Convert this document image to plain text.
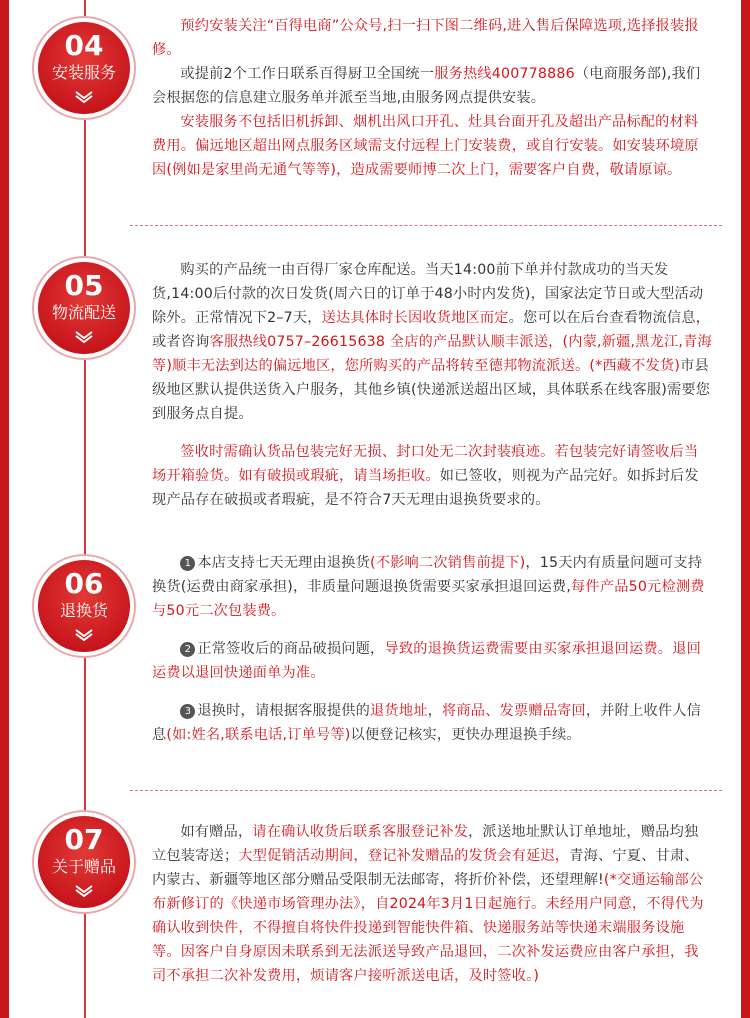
04
安装服务

预约安装关注“百得电商”公众号,扫一扫下图二维码,进入售后保障选项,选择报装报修。

或提前2个工作日联系百得厨卫全国统一服务热线400778886（电商服务部),我们会根据您的信息建立服务单并派至当地,由服务网点提供安装。

安装服务不包括旧机拆卸、烟机出风口开孔、灶具台面开孔及超出产品标配的材料费用。偏远地区超出网点服务区域需支付远程上门安装费，或自行安装。如安装环境原因(例如是家里尚无通气等等)，造成需要师博二次上门，需要客户自费，敬请原谅。

05
物流配送

购买的产品统一由百得厂家仓库配送。当天14:00前下单并付款成功的当天发货,14:00后付款的次日发货(周六日的订单于48小时内发货)，国家法定节日或大型活动除外。正常情况下2–7天，送达具体时长因收货地区而定。您可以在后台查看物流信息，或者咨询客服热线0757–26615638 全店的产品默认顺丰派送，(内蒙,新疆,黑龙江,青海等)顺丰无法到达的偏远地区，您所购买的产品将转至德邦物流派送。(*西藏不发货)市县级地区默认提供送货入户服务，其他乡镇(快递派送超出区域，具体联系在线客服)需要您到服务点自提。

签收时需确认货品包装完好无损、封口处无二次封装痕迹。若包装完好请签收后当场开箱验货。如有破损或瑕疵，请当场拒收。如已签收，则视为产品完好。如拆封后发现产品存在破损或者瑕疵，是不符合7天无理由退换货要求的。

06
退换货

1 本店支持七天无理由退换货(不影响二次销售前提下)，15天内有质量问题可支持换货(运费由商家承担)，非质量问题退换货需要买家承担退回运费,每件产品50元检测费与50元二次包装费。

2 正常签收后的商品破损问题，导致的退换货运费需要由买家承担退回运费。退回运费以退回快递面单为准。

3 退换时，请根据客服提供的退货地址，将商品、发票赠品寄回，并附上收件人信息(如:姓名,联系电话,订单号等)以便登记核实，更快办理退换手续。

07
关于赠品

如有赠品，请在确认收货后联系客服登记补发，派送地址默认订单地址，赠品均独立包装寄送；大型促销活动期间，登记补发赠品的发货会有延迟，青海、宁夏、甘肃、内蒙古、新疆等地区部分赠品受限制无法邮寄，将折价补偿，还望理解!(*交通运输部公布新修订的《快递市场管理办法》，自2024年3月1日起施行。未经用户同意，不得代为确认收到快件，不得擅自将快件投递到智能快件箱、快递服务站等快递末端服务设施等。因客户自身原因未联系到无法派送导致产品退回，二次补发运费应由客户承担，我司不承担二次补发费用，烦请客户接听派送电话，及时签收。)
